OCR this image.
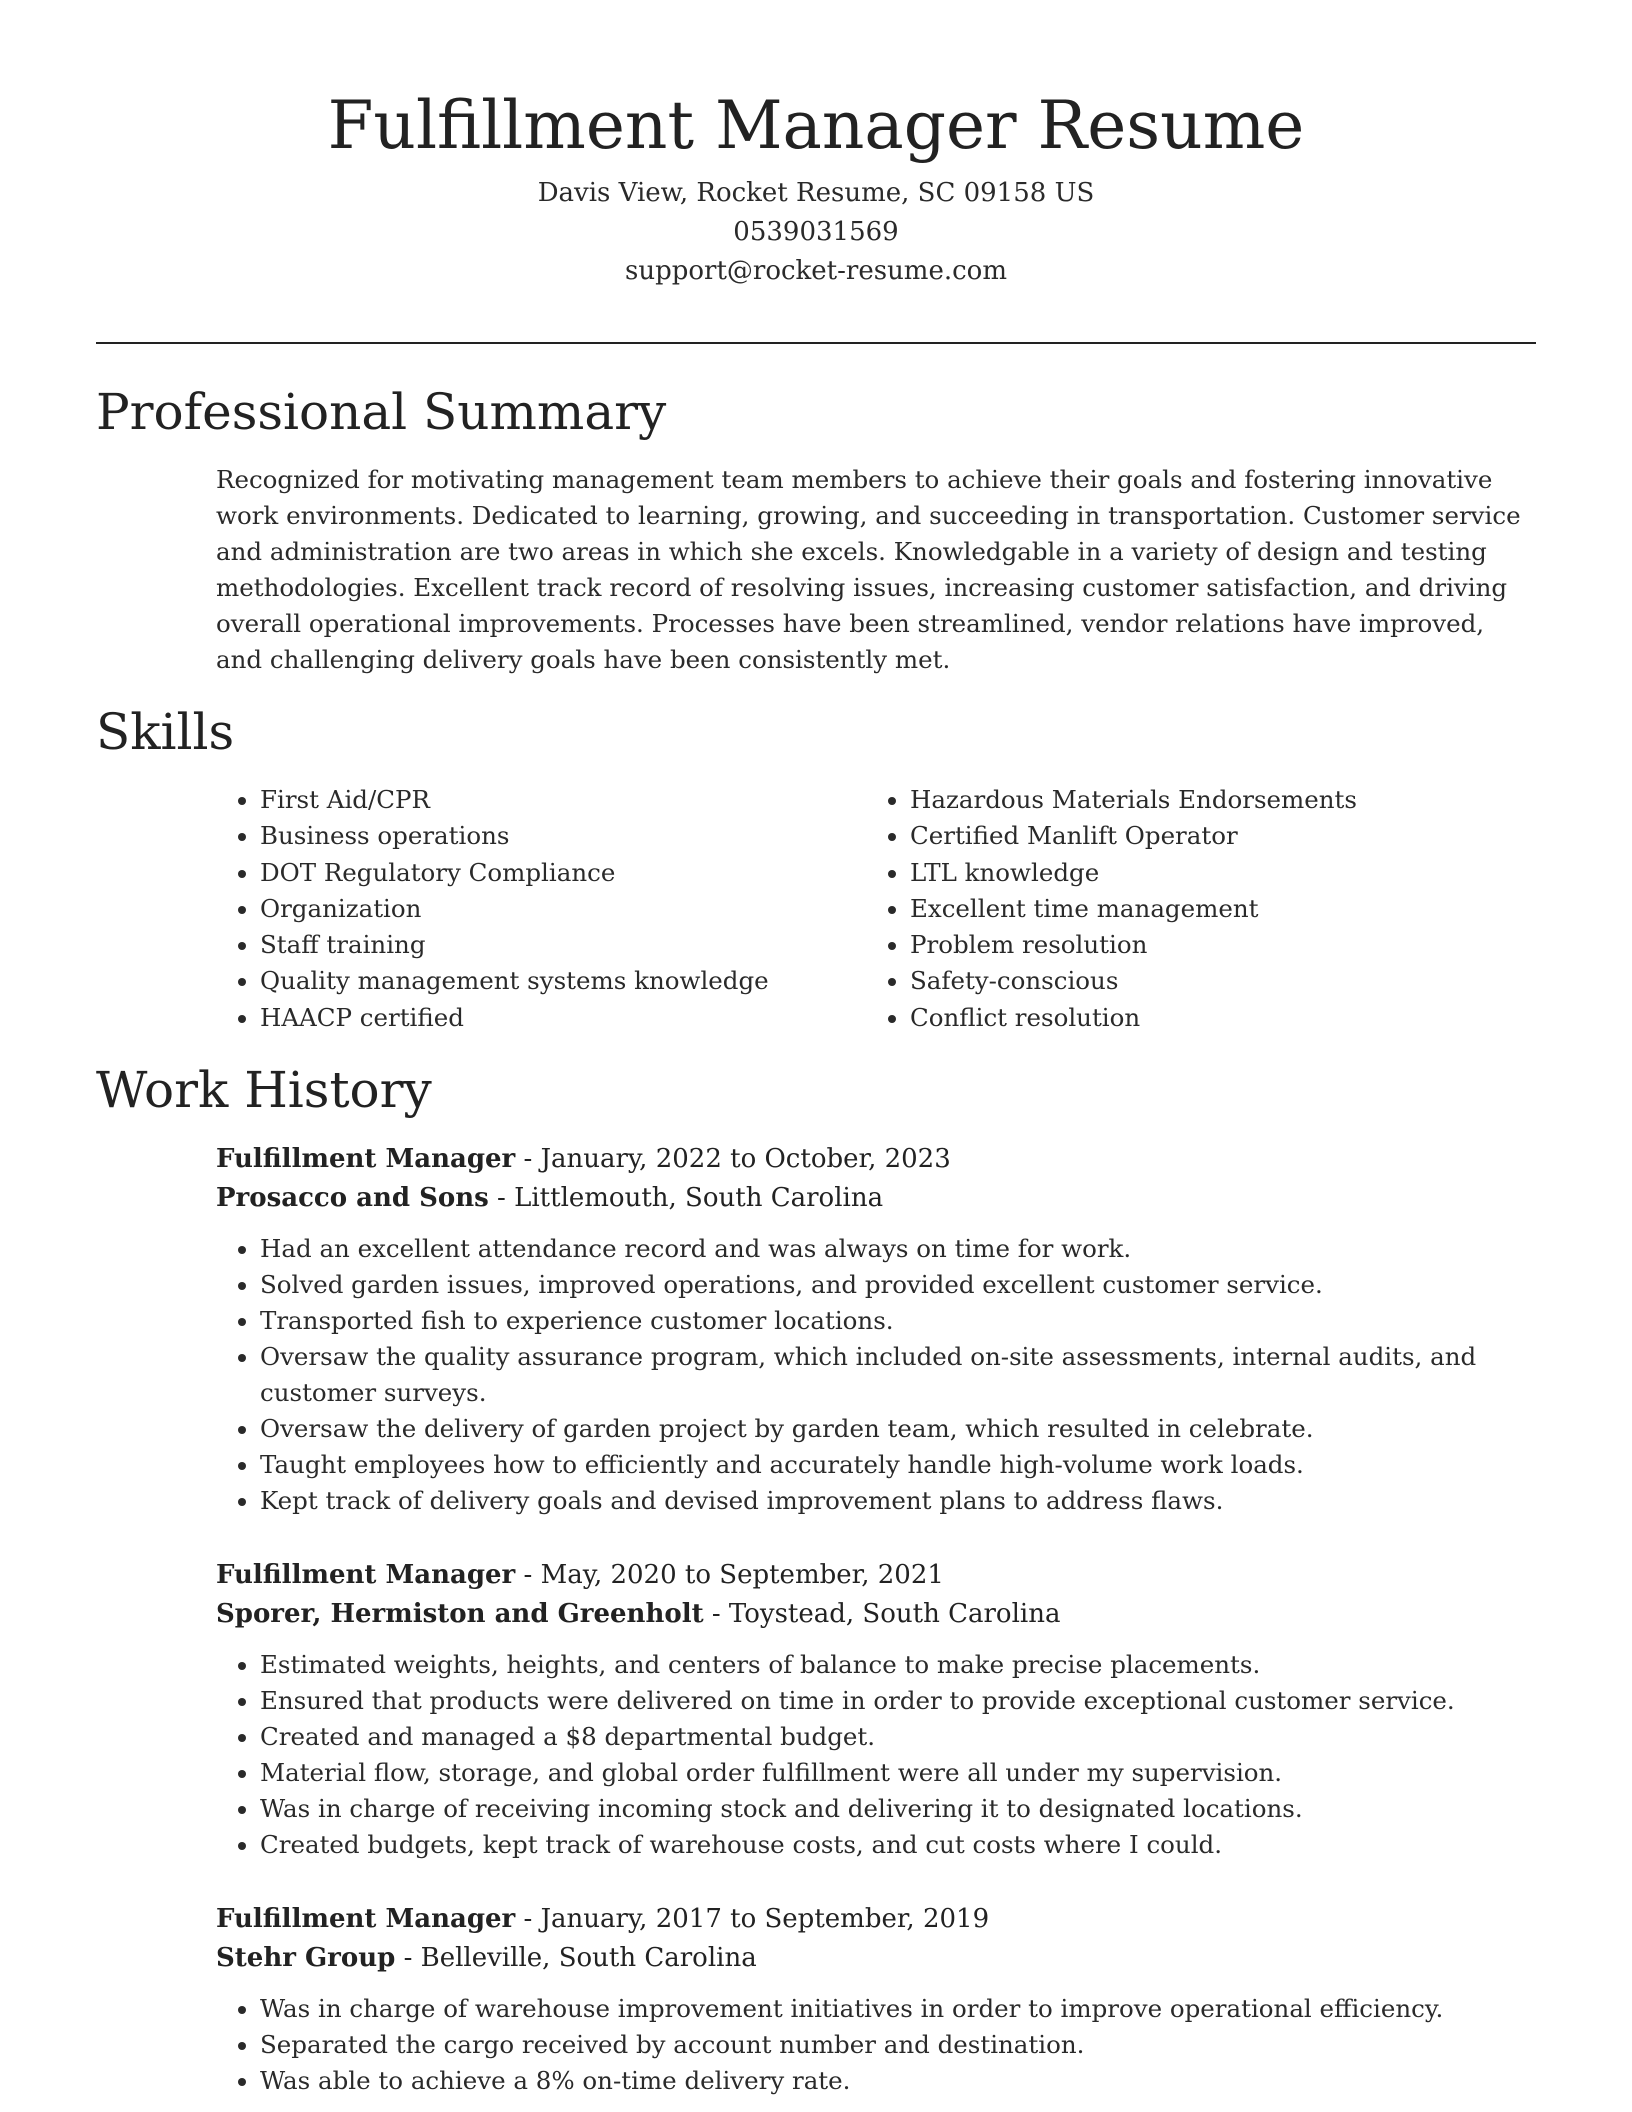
Fulfillment Manager Resume
Davis View, Rocket Resume, SC 09158 US
0539031569
support@rocket-resume.com
Professional Summary

Recognized for motivating management team members to achieve their goals and fostering innovative work environments. Dedicated to learning, growing, and succeeding in transportation. Customer service and administration are two areas in which she excels. Knowledgable in a variety of design and testing methodologies. Excellent track record of resolving issues, increasing customer satisfaction, and driving overall operational improvements. Processes have been streamlined, vendor relations have improved, and challenging delivery goals have been consistently met.

Skills
• First Aid/CPR
• Business operations
• DOT Regulatory Compliance
• Organization
• Staff training
• Quality management systems knowledge
• HAACP certified
• Hazardous Materials Endorsements
• Certified Manlift Operator
• LTL knowledge
• Excellent time management
• Problem resolution
• Safety-conscious
• Conflict resolution
Work History
Fulfillment Manager - January, 2022 to October, 2023
Prosacco and Sons - Littlemouth, South Carolina
• Had an excellent attendance record and was always on time for work.
• Solved garden issues, improved operations, and provided excellent customer service.
• Transported fish to experience customer locations.
• Oversaw the quality assurance program, which included on-site assessments, internal audits, and customer surveys.
• Oversaw the delivery of garden project by garden team, which resulted in celebrate.
• Taught employees how to efficiently and accurately handle high-volume work loads.
• Kept track of delivery goals and devised improvement plans to address flaws.
Fulfillment Manager - May, 2020 to September, 2021
Sporer, Hermiston and Greenholt - Toystead, South Carolina
• Estimated weights, heights, and centers of balance to make precise placements.
• Ensured that products were delivered on time in order to provide exceptional customer service.
• Created and managed a $8 departmental budget.
• Material flow, storage, and global order fulfillment were all under my supervision.
• Was in charge of receiving incoming stock and delivering it to designated locations.
• Created budgets, kept track of warehouse costs, and cut costs where I could.
Fulfillment Manager - January, 2017 to September, 2019
Stehr Group - Belleville, South Carolina
• Was in charge of warehouse improvement initiatives in order to improve operational efficiency.
• Separated the cargo received by account number and destination.
• Was able to achieve a 8% on-time delivery rate.
